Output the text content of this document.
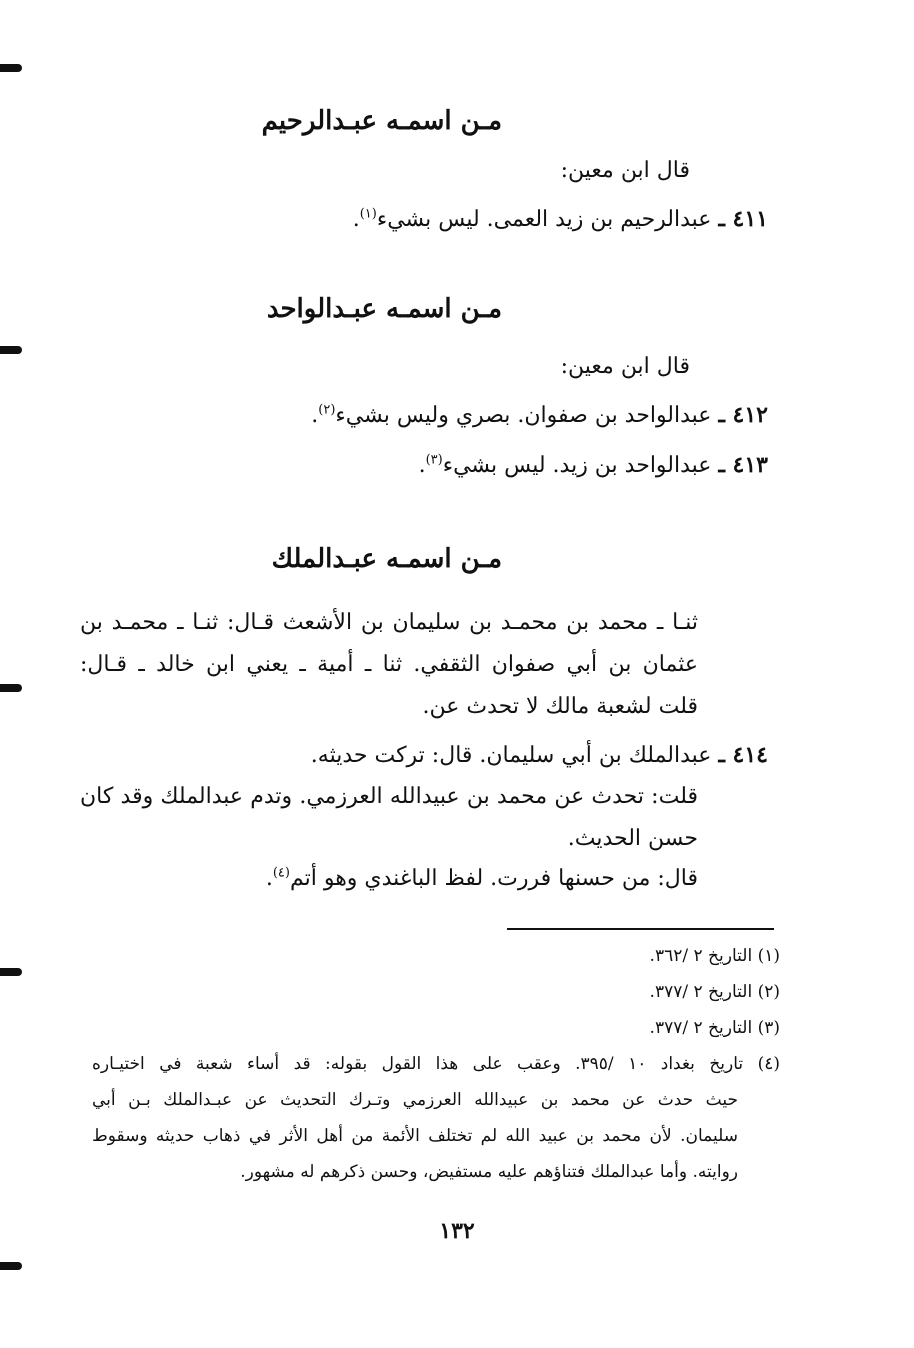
مـن اسمـه عبـدالرحيم
قال ابن معين:
٤١١ ـ عبدالرحيم بن زيد العمى. ليس بشيء$^{(١)}$.
مـن اسمـه عبـدالواحد
قال ابن معين:
٤١٢ ـ عبدالواحد بن صفوان. بصري وليس بشيء$^{(٢)}$.
٤١٣ ـ عبدالواحد بن زيد. ليس بشيء$^{(٣)}$.
مـن اسمـه عبـدالملك
ثنـا ـ محمد بن محمـد بن سليمان بن الأشعث قـال: ثنـا ـ محمـد بن
عثمان بن أبي صفوان الثقفي. ثنا ـ أمية ـ يعني ابن خالد ـ قـال:
قلت لشعبة مالك لا تحدث عن.
٤١٤ ـ عبدالملك بن أبي سليمان. قال: تركت حديثه.
قلت: تحدث عن محمد بن عبيدالله العرزمي. وتدم عبدالملك وقد كان
حسن الحديث.
قال: من حسنها فررت. لفظ الباغندي وهو أتم$^{(٤)}$.
(١) التاريخ ٢ /٣٦٢.
(٢) التاريخ ٢ /٣٧٧.
(٣) التاريخ ٢ /٣٧٧.
(٤) تاريخ بغداد ١٠ /٣٩٥. وعقب على هذا القول بقوله: قد أساء شعبة في اختيـاره
حيث حدث عن محمد بن عبيدالله العرزمي وتـرك التحديث عن عبـدالملك بـن أبي
سليمان. لأن محمد بن عبيد الله لم تختلف الأئمة من أهل الأثر في ذهاب حديثه وسقوط
روايته. وأما عبدالملك فتناؤهم عليه مستفيض، وحسن ذكرهم له مشهور.
١٣٢
